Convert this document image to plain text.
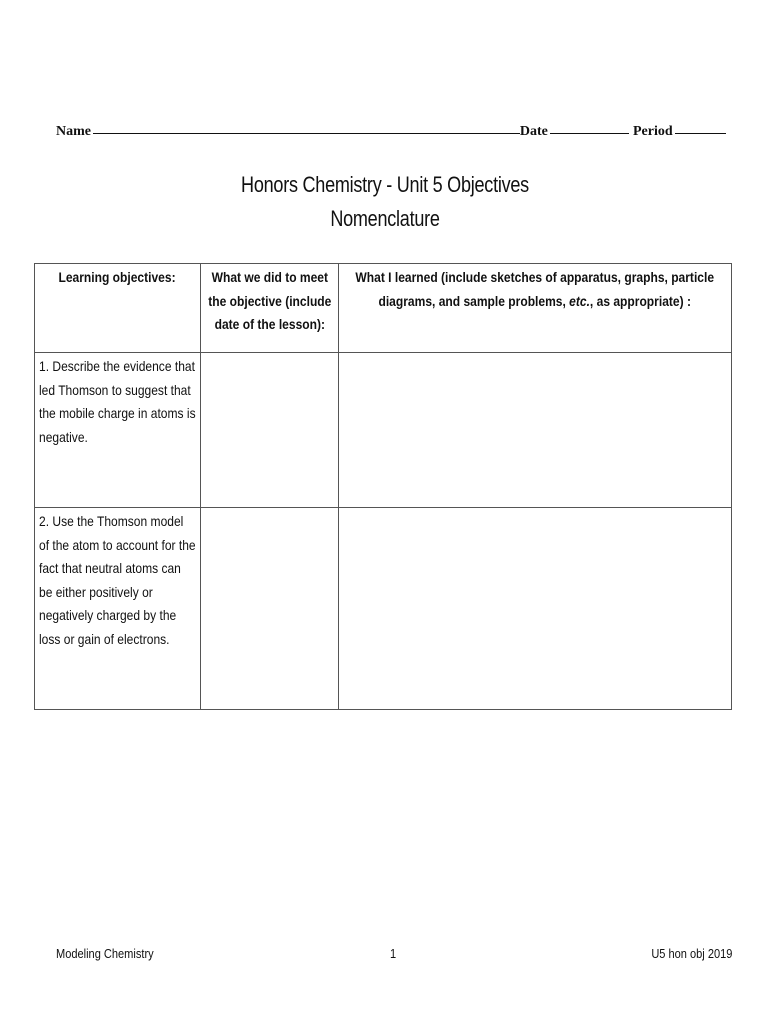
Name	Date	Period
Honors Chemistry - Unit 5 Objectives
Nomenclature
Learning objectives:	What we did to meet the objective (include date of the lesson):	What I learned (include sketches of apparatus, graphs, particle diagrams, and sample problems, etc., as appropriate) :
1. Describe the evidence that led Thomson to suggest that the mobile charge in atoms is negative.		
2. Use the Thomson model of the atom to account for the fact that neutral atoms can be either positively or negatively charged by the loss or gain of electrons.		
Modeling Chemistry	1	U5 hon obj 2019
